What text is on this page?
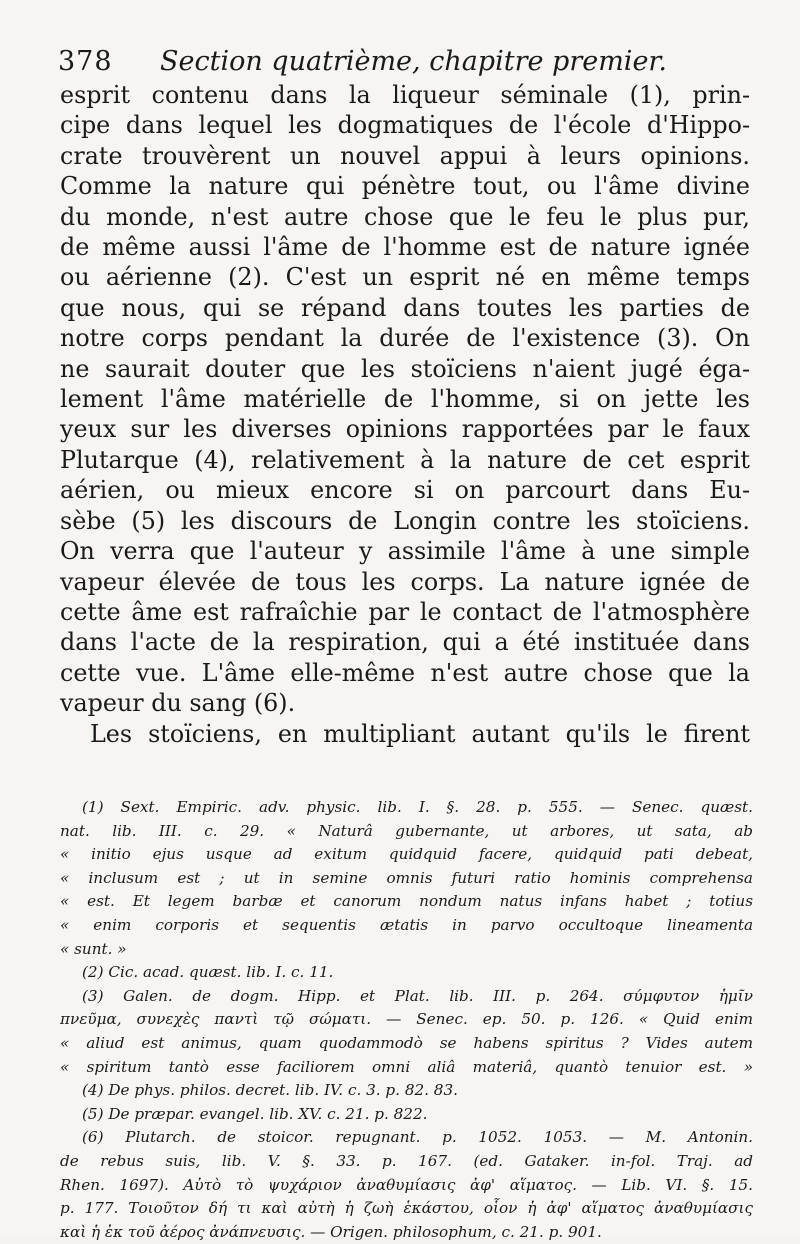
378 Section quatrième, chapitre premier.
esprit contenu dans la liqueur séminale (1), prin-
cipe dans lequel les dogmatiques de l'école d'Hippo-
crate trouvèrent un nouvel appui à leurs opinions.
Comme la nature qui pénètre tout, ou l'âme divine
du monde, n'est autre chose que le feu le plus pur,
de même aussi l'âme de l'homme est de nature ignée
ou aérienne (2). C'est un esprit né en même temps
que nous, qui se répand dans toutes les parties de
notre corps pendant la durée de l'existence (3). On
ne saurait douter que les stoïciens n'aient jugé éga-
lement l'âme matérielle de l'homme, si on jette les
yeux sur les diverses opinions rapportées par le faux
Plutarque (4), relativement à la nature de cet esprit
aérien, ou mieux encore si on parcourt dans Eu-
sèbe (5) les discours de Longin contre les stoïciens.
On verra que l'auteur y assimile l'âme à une simple
vapeur élevée de tous les corps. La nature ignée de
cette âme est rafraîchie par le contact de l'atmosphère
dans l'acte de la respiration, qui a été instituée dans
cette vue. L'âme elle-même n'est autre chose que la
vapeur du sang (6).
Les stoïciens, en multipliant autant qu'ils le firent
(1) Sext. Empiric. adv. physic. lib. I. §. 28. p. 555. — Senec. quæst.
nat. lib. III. c. 29. « Naturâ gubernante, ut arbores, ut sata, ab
« initio ejus usque ad exitum quidquid facere, quidquid pati debeat,
« inclusum est ; ut in semine omnis futuri ratio hominis comprehensa
« est. Et legem barbæ et canorum nondum natus infans habet ; totius
« enim corporis et sequentis ætatis in parvo occultoque lineamenta
« sunt. »
(2) Cic. acad. quæst. lib. I. c. 11.
(3) Galen. de dogm. Hipp. et Plat. lib. III. p. 264. σύμφυτον ἡμῖν
πνεῦμα, συνεχὲς παντὶ τῷ σώματι. — Senec. ep. 50. p. 126. « Quid enim
« aliud est animus, quam quodammodò se habens spiritus ? Vides autem
« spiritum tantò esse faciliorem omni aliâ materiâ, quantò tenuior est. »
(4) De phys. philos. decret. lib. IV. c. 3. p. 82. 83.
(5) De præpar. evangel. lib. XV. c. 21. p. 822.
(6) Plutarch. de stoicor. repugnant. p. 1052. 1053. — M. Antonin.
de rebus suis, lib. V. §. 33. p. 167. (ed. Gataker. in-fol. Traj. ad
Rhen. 1697). Αὐτὸ τὸ ψυχάριον ἀναθυμίασις ἀφ' αἵματος. — Lib. VI. §. 15.
p. 177. Τοιοῦτον δή τι καὶ αὐτὴ ἡ ζωὴ ἑκάστου, οἷον ἡ ἀφ' αἵματος ἀναθυμίασις
καὶ ἡ ἐκ τοῦ ἀέρος ἀνάπνευσις. — Origen. philosophum, c. 21. p. 901.
